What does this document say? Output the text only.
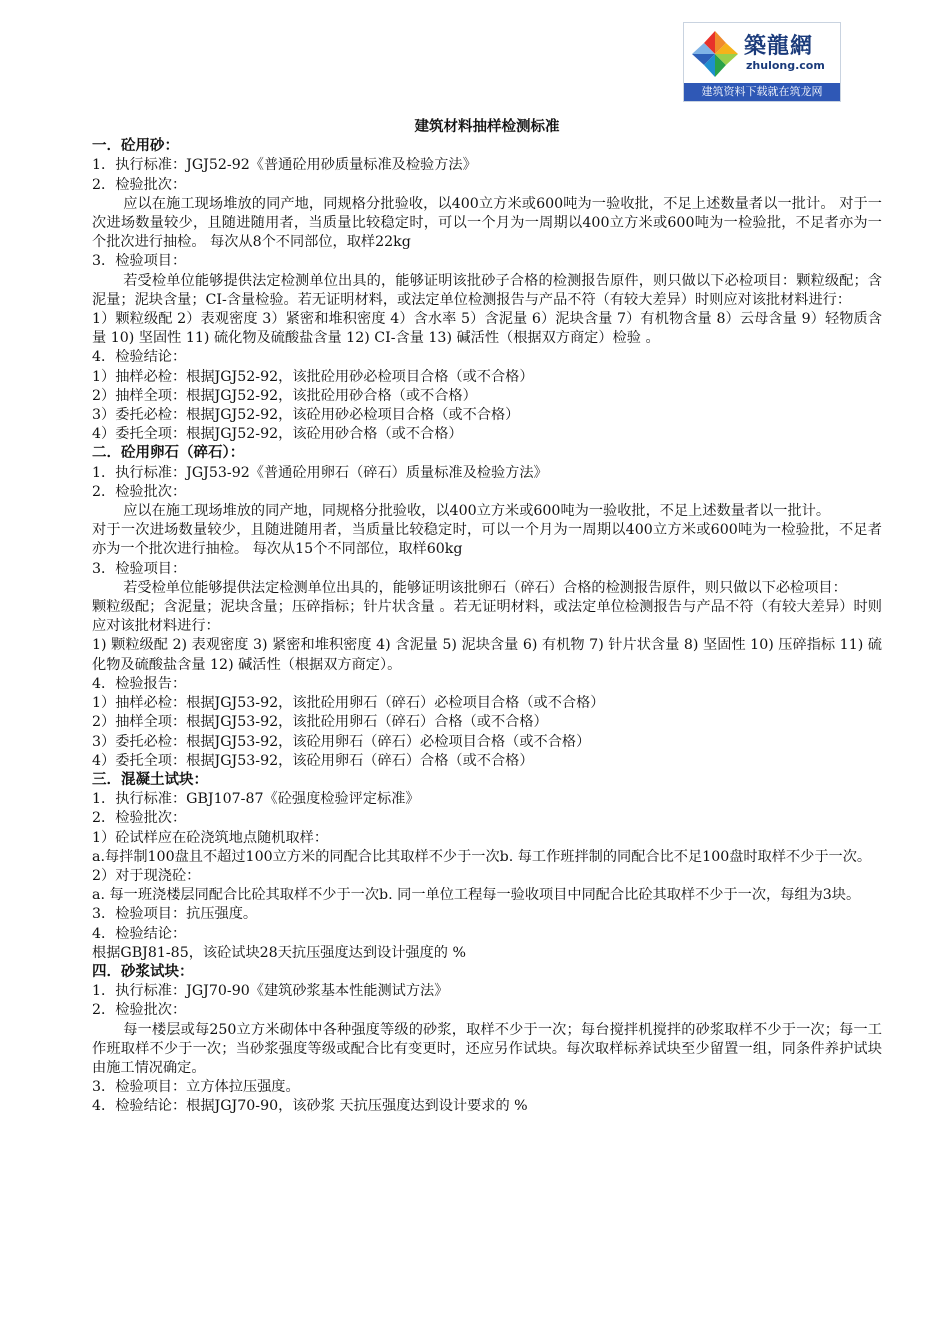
築龍網
zhulong.com
建筑资料下载就在筑龙网
建筑材料抽样检测标准
一．砼用砂：
1．执行标准：JGJ52-92《普通砼用砂质量标准及检验方法》
2．检验批次：
应以在施工现场堆放的同产地，同规格分批验收，以400立方米或600吨为一验收批，不足上述数量者以一批计。 对于一次进场数量较少，且随进随用者，当质量比较稳定时，可以一个月为一周期以400立方米或600吨为一检验批，不足者亦为一个批次进行抽检。 每次从8个不同部位，取样22kg
3．检验项目：
若受检单位能够提供法定检测单位出具的，能够证明该批砂子合格的检测报告原件，则只做以下必检项目：颗粒级配；含泥量；泥块含量；CI-含量检验。若无证明材料，或法定单位检测报告与产品不符（有较大差异）时则应对该批材料进行：
1）颗粒级配 2）表观密度 3）紧密和堆积密度 4）含水率 5）含泥量 6）泥块含量 7）有机物含量 8）云母含量 9）轻物质含量 10) 坚固性 11) 硫化物及硫酸盐含量 12) CI-含量 13) 碱活性（根据双方商定）检验 。
4．检验结论：
1）抽样必检：根据JGJ52-92，该批砼用砂必检项目合格（或不合格）
2）抽样全项：根据JGJ52-92，该批砼用砂合格（或不合格）
3）委托必检：根据JGJ52-92，该砼用砂必检项目合格（或不合格）
4）委托全项：根据JGJ52-92，该砼用砂合格（或不合格）
二．砼用卵石（碎石）：
1．执行标准：JGJ53-92《普通砼用卵石（碎石）质量标准及检验方法》
2．检验批次：
应以在施工现场堆放的同产地，同规格分批验收，以400立方米或600吨为一验收批，不足上述数量者以一批计。
对于一次进场数量较少，且随进随用者，当质量比较稳定时，可以一个月为一周期以400立方米或600吨为一检验批，不足者亦为一个批次进行抽检。 每次从15个不同部位，取样60kg
3．检验项目：
若受检单位能够提供法定检测单位出具的，能够证明该批卵石（碎石）合格的检测报告原件，则只做以下必检项目：
颗粒级配；含泥量；泥块含量；压碎指标；针片状含量 。若无证明材料，或法定单位检测报告与产品不符（有较大差异）时则应对该批材料进行：
1) 颗粒级配 2) 表观密度 3) 紧密和堆积密度 4) 含泥量 5) 泥块含量 6) 有机物 7) 针片状含量 8) 坚固性 10) 压碎指标 11) 硫化物及硫酸盐含量 12) 碱活性（根据双方商定）。
4．检验报告：
1）抽样必检：根据JGJ53-92，该批砼用卵石（碎石）必检项目合格（或不合格）
2）抽样全项：根据JGJ53-92，该批砼用卵石（碎石）合格（或不合格）
3）委托必检：根据JGJ53-92，该砼用卵石（碎石）必检项目合格（或不合格）
4）委托全项：根据JGJ53-92，该砼用卵石（碎石）合格（或不合格）
三．混凝土试块：
1．执行标准：GBJ107-87《砼强度检验评定标准》
2．检验批次：
1）砼试样应在砼浇筑地点随机取样：
a.每拌制100盘且不超过100立方米的同配合比其取样不少于一次b. 每工作班拌制的同配合比不足100盘时取样不少于一次。
2）对于现浇砼：
a. 每一班浇楼层同配合比砼其取样不少于一次b. 同一单位工程每一验收项目中同配合比砼其取样不少于一次，每组为3块。
3．检验项目：抗压强度。
4．检验结论：
根据GBJ81-85，该砼试块28天抗压强度达到设计强度的 %
四．砂浆试块：
1．执行标准：JGJ70-90《建筑砂浆基本性能测试方法》
2．检验批次：
每一楼层或每250立方米砌体中各种强度等级的砂浆，取样不少于一次；每台搅拌机搅拌的砂浆取样不少于一次；每一工作班取样不少于一次；当砂浆强度等级或配合比有变更时，还应另作试块。每次取样标养试块至少留置一组，同条件养护试块由施工情况确定。
3．检验项目：立方体拉压强度。
4．检验结论：根据JGJ70-90，该砂浆 天抗压强度达到设计要求的 %
